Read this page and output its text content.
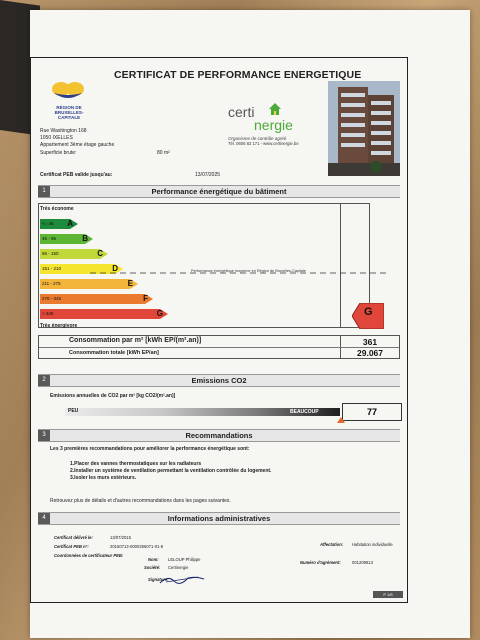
CERTIFICAT DE PERFORMANCE ENERGETIQUE
RÉGION DE BRUXELLES-CAPITALE
Rue Washington 168
1050 IXELLES
Appartement 3ème étage gauche
Superficie brute:	80 m²
certi
nergie
Organisme de contrôle agréé
Tél. 0606 82 171 - www.certinergie.be
Certificat PEB valide jusqu'au:	13/07/2025
Performance énergétique du bâtiment
1
Très économe
<= 45 A
46 - 95	B
96 - 150	C
151 - 210	D
211 - 275	E
276 - 345	F
> 345	G
Performance énergétique moyenne en Région de Bruxelles-Capitale
G
Très énergivore
Consommation par m² [kWh EP/(m².an)]	361
Consommation totale [kWh EP/an]	29.067
Emissions CO2
2
Emissions annuelles de CO2 par m² [kg CO2/(m².an)]
PEU	BEAUCOUP	77
Recommandations
3
Les 3 premières recommandations pour améliorer la performance énergétique sont:
1.Placer des vannes thermostatiques sur les radiateurs
2.Installer un système de ventilation permettant la ventilation contrôlée du logement.
3.Isoler les murs extérieurs.
Retrouvez plus de détails et d'autres recommandations dans les pages suivantes.
Informations administratives
4
Certificat délivré le:	13/07/2015
Certificat PEB n°:	20150713-0000256071-01-8
Coordonnées de certificateur PEB:
Nom: LELOUP Philippe
Société: Certinergie
Signature:
Affectation: Habitation individuelle
Numéro d'agrément:	001209813
P 1/8
